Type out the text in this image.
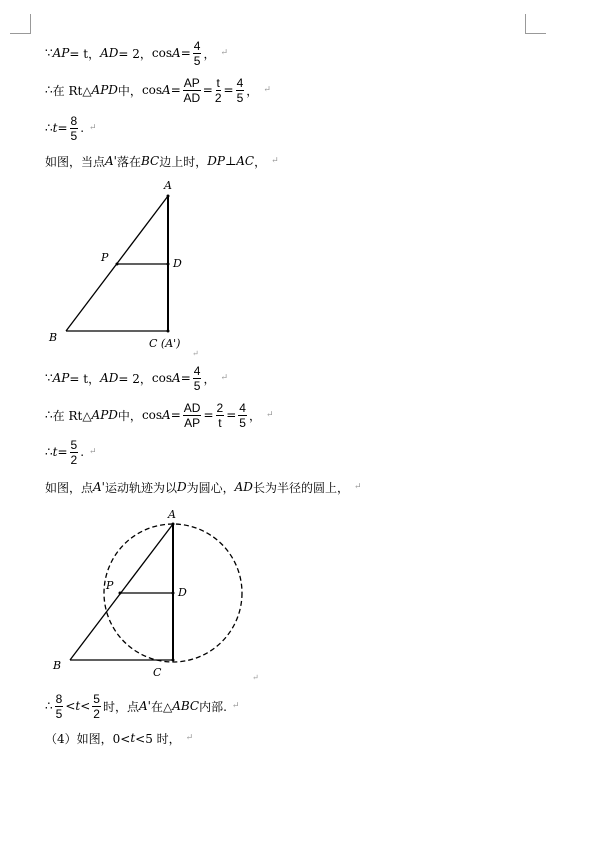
∵ AP = t， AD = 2， $\cos A = \frac{4}{5}$ ， ↵
∴ 在 Rt△ APD 中， $\cos A = \frac{AP}{AD} = \frac{t}{2} = \frac{4}{5}$ ， ↵
∴ $t = \frac{8}{5}$ . ↵
如图，当点 A' 落在 BC 边上时， DP ⊥ AC ， ↵
A
P	D
B	C (A')
↵
A
P
D
B
C	↵
∵ AP = t， AD = 2， $\cos A = \frac{4}{5}$ ， ↵
∴ 在 Rt△ APD 中， $\cos A = \frac{AD}{AP} = \frac{2}{t} = \frac{4}{5}$ ， ↵
∴ $t = \frac{5}{2}$ . ↵
如图，点 A' 运动轨迹为以 D 为圆心， AD 长为半径的圆上， ↵
∴ $\frac{8}{5} < t < \frac{5}{2}$ 时，点 A' 在△ ABC 内部. ↵
（4）如图，0< t <5 时， ↵
